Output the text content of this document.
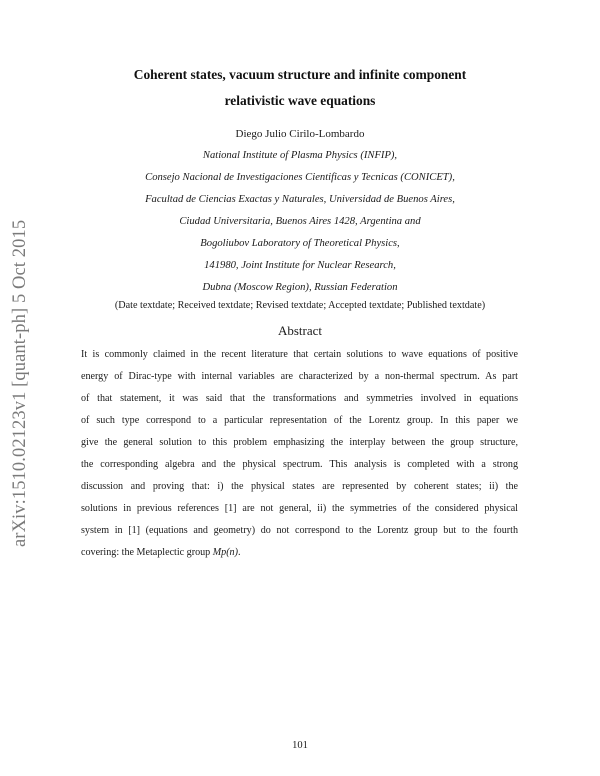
arXiv:1510.02123v1 [quant-ph] 5 Oct 2015
Coherent states, vacuum structure and infinite component
relativistic wave equations
Diego Julio Cirilo-Lombardo
National Institute of Plasma Physics (INFIP),
Consejo Nacional de Investigaciones Cientificas y Tecnicas (CONICET),
Facultad de Ciencias Exactas y Naturales, Universidad de Buenos Aires,
Ciudad Universitaria, Buenos Aires 1428, Argentina and
Bogoliubov Laboratory of Theoretical Physics,
141980, Joint Institute for Nuclear Research,
Dubna (Moscow Region), Russian Federation
(Date textdate; Received textdate; Revised textdate; Accepted textdate; Published textdate)
Abstract
It is commonly claimed in the recent literature that certain solutions to wave equations of positive
energy of Dirac-type with internal variables are characterized by a non-thermal spectrum. As part
of that statement, it was said that the transformations and symmetries involved in equations
of such type correspond to a particular representation of the Lorentz group. In this paper we
give the general solution to this problem emphasizing the interplay between the group structure,
the corresponding algebra and the physical spectrum. This analysis is completed with a strong
discussion and proving that: i) the physical states are represented by coherent states; ii) the
solutions in previous references [1] are not general, ii) the symmetries of the considered physical
system in [1] (equations and geometry) do not correspond to the Lorentz group but to the fourth
covering: the Metaplectic group Mp(n).
101
